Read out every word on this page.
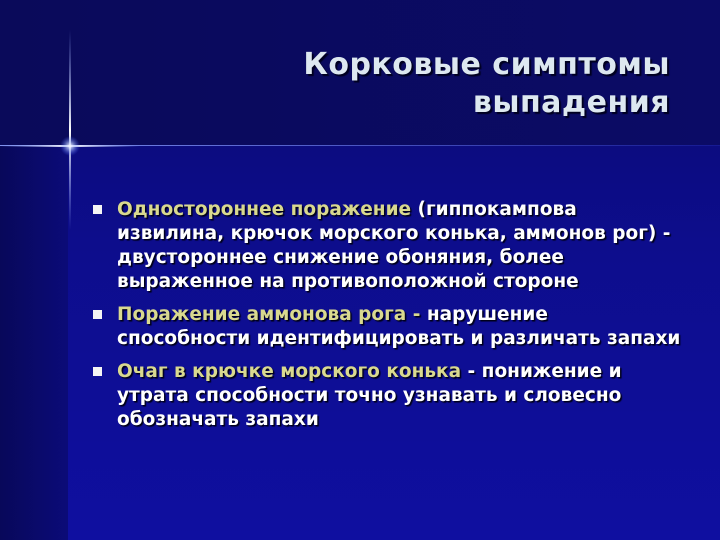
Корковые симптомы
выпадения
Одностороннее поражение (гиппокампова извилина, крючок морского конька, аммонов рог) - двустороннее снижение обоняния, более выраженное на противоположной стороне
Поражение аммонова рога - нарушение способности идентифицировать и различать запахи
Очаг в крючке морского конька - понижение и утрата способности точно узнавать и словесно обозначать запахи
